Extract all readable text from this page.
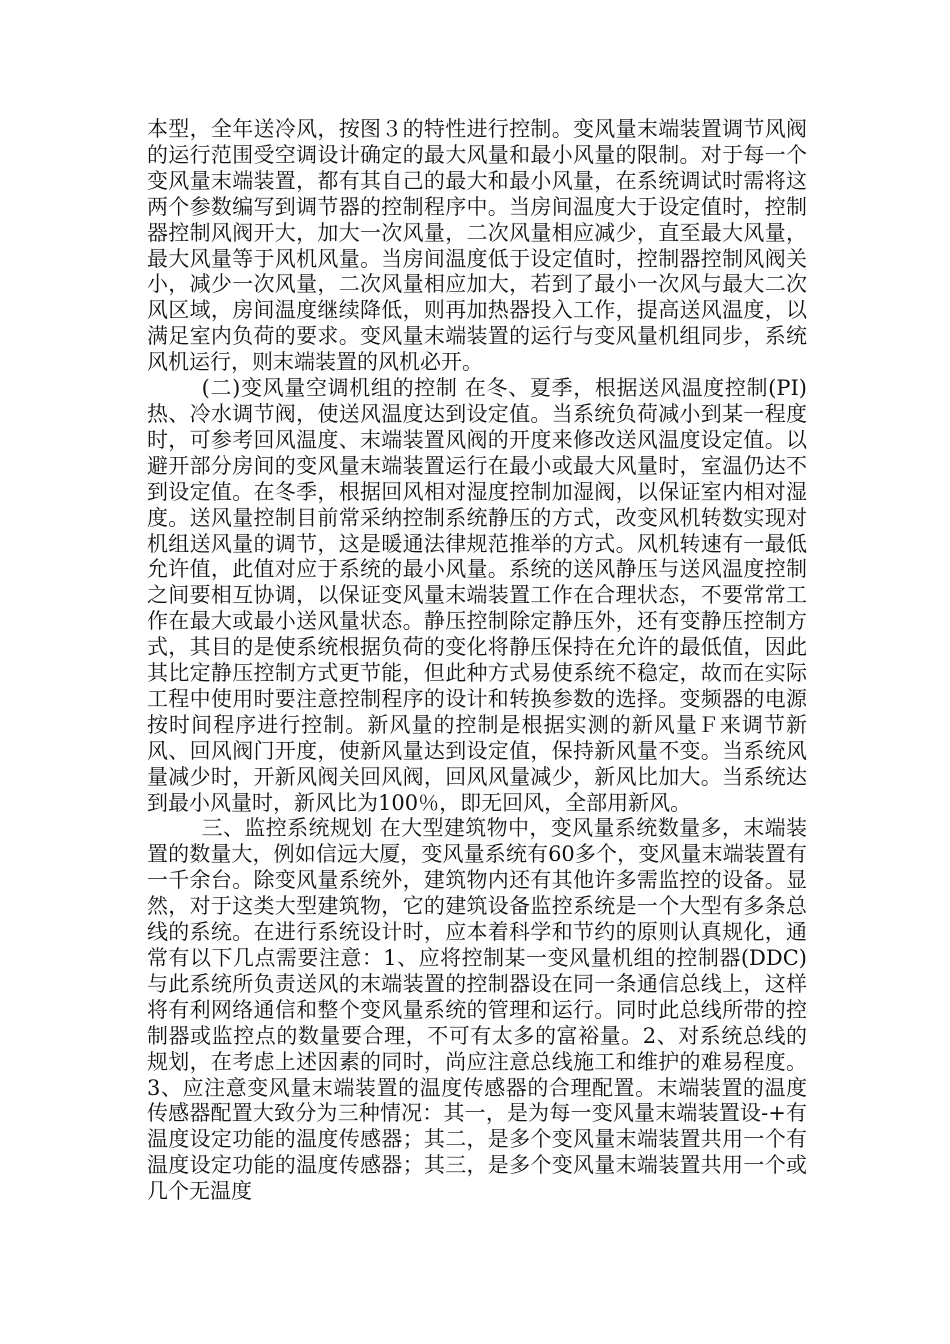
本型，全年送冷风，按图３的特性进行控制。变风量末端装置调节风阀的运行范围受空调设计确定的最大风量和最小风量的限制。对于每一个变风量末端装置，都有其自己的最大和最小风量，在系统调试时需将这两个参数编写到调节器的控制程序中。当房间温度大于设定值时，控制器控制风阀开大，加大一次风量，二次风量相应减少，直至最大风量，最大风量等于风机风量。当房间温度低于设定值时，控制器控制风阀关小，减少一次风量，二次风量相应加大，若到了最小一次风与最大二次风区域，房间温度继续降低，则再加热器投入工作，提高送风温度，以满足室内负荷的要求。变风量末端装置的运行与变风量机组同步，系统风机运行，则末端装置的风机必开。

(二)变风量空调机组的控制 在冬、夏季，根据送风温度控制(PI)热、冷水调节阀，使送风温度达到设定值。当系统负荷减小到某一程度时，可参考回风温度、末端装置风阀的开度来修改送风温度设定值。以避开部分房间的变风量末端装置运行在最小或最大风量时，室温仍达不到设定值。在冬季，根据回风相对湿度控制加湿阀，以保证室内相对湿度。送风量控制目前常采纳控制系统静压的方式，改变风机转数实现对机组送风量的调节，这是暖通法律规范推举的方式。风机转速有一最低允许值，此值对应于系统的最小风量。系统的送风静压与送风温度控制之间要相互协调，以保证变风量末端装置工作在合理状态，不要常常工作在最大或最小送风量状态。静压控制除定静压外，还有变静压控制方式，其目的是使系统根据负荷的变化将静压保持在允许的最低值，因此其比定静压控制方式更节能，但此种方式易使系统不稳定，故而在实际工程中使用时要注意控制程序的设计和转换参数的选择。变频器的电源按时间程序进行控制。新风量的控制是根据实测的新风量Ｆ来调节新风、回风阀门开度，使新风量达到设定值，保持新风量不变。当系统风量减少时，开新风阀关回风阀，回风风量减少，新风比加大。当系统达到最小风量时，新风比为100％，即无回风，全部用新风。

三、监控系统规划 在大型建筑物中，变风量系统数量多，末端装置的数量大，例如信远大厦，变风量系统有60多个，变风量末端装置有一千余台。除变风量系统外，建筑物内还有其他许多需监控的设备。显然，对于这类大型建筑物，它的建筑设备监控系统是一个大型有多条总线的系统。在进行系统设计时，应本着科学和节约的原则认真规化，通常有以下几点需要注意：1、应将控制某一变风量机组的控制器(DDC)与此系统所负责送风的末端装置的控制器设在同一条通信总线上，这样将有利网络通信和整个变风量系统的管理和运行。同时此总线所带的控制器或监控点的数量要合理，不可有太多的富裕量。2、对系统总线的规划，在考虑上述因素的同时，尚应注意总线施工和维护的难易程度。3、应注意变风量末端装置的温度传感器的合理配置。末端装置的温度传感器配置大致分为三种情况：其一，是为每一变风量末端装置设-+有温度设定功能的温度传感器；其二，是多个变风量末端装置共用一个有温度设定功能的温度传感器；其三，是多个变风量末端装置共用一个或几个无温度
